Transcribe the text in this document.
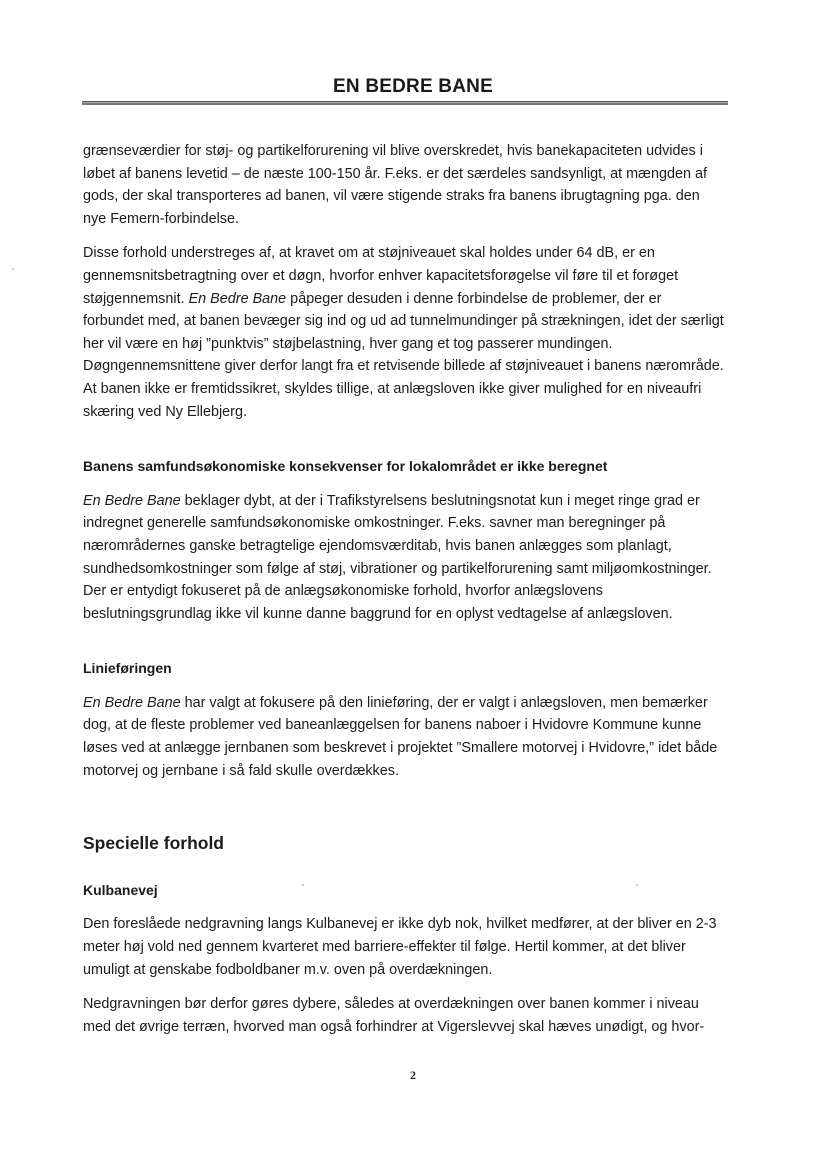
EN BEDRE BANE

grænseværdier for støj- og partikelforurening vil blive overskredet, hvis banekapaciteten udvides i løbet af banens levetid – de næste 100-150 år. F.eks. er det særdeles sandsynligt, at mængden af gods, der skal transporteres ad banen, vil være stigende straks fra banens ibrugtagning pga. den nye Femern-forbindelse.

Disse forhold understreges af, at kravet om at støjniveauet skal holdes under 64 dB, er en gennemsnitsbetragtning over et døgn, hvorfor enhver kapacitetsforøgelse vil føre til et forøget støjgennemsnit. En Bedre Bane påpeger desuden i denne forbindelse de problemer, der er forbundet med, at banen bevæger sig ind og ud ad tunnelmundinger på strækningen, idet der særligt her vil være en høj ”punktvis” støjbelastning, hver gang et tog passerer mundingen. Døgngennemsnittene giver derfor langt fra et retvisende billede af støjniveauet i banens nærområde.

At banen ikke er fremtidssikret, skyldes tillige, at anlægsloven ikke giver mulighed for en niveaufri skæring ved Ny Ellebjerg.

Banens samfundsøkonomiske konsekvenser for lokalområdet er ikke beregnet

En Bedre Bane beklager dybt, at der i Trafikstyrelsens beslutningsnotat kun i meget ringe grad er indregnet generelle samfundsøkonomiske omkostninger. F.eks. savner man beregninger på nærområdernes ganske betragtelige ejendomsværditab, hvis banen anlægges som planlagt, sundhedsomkostninger som følge af støj, vibrationer og partikelforurening samt miljøomkostninger. Der er entydigt fokuseret på de anlægsøkonomiske forhold, hvorfor anlægslovens beslutningsgrundlag ikke vil kunne danne baggrund for en oplyst vedtagelse af anlægsloven.

Linieføringen

En Bedre Bane har valgt at fokusere på den linieføring, der er valgt i anlægsloven, men bemærker dog, at de fleste problemer ved baneanlæggelsen for banens naboer i Hvidovre Kommune kunne løses ved at anlægge jernbanen som beskrevet i projektet ”Smallere motorvej i Hvidovre,” idet både motorvej og jernbane i så fald skulle overdækkes.

Specielle forhold
Kulbanevej

Den foreslåede nedgravning langs Kulbanevej er ikke dyb nok, hvilket medfører, at der bliver en 2-3 meter høj vold ned gennem kvarteret med barriere-effekter til følge. Hertil kommer, at det bliver umuligt at genskabe fodboldbaner m.v. oven på overdækningen.

Nedgravningen bør derfor gøres dybere, således at overdækningen over banen kommer i niveau med det øvrige terræn, hvorved man også forhindrer at Vigerslevvej skal hæves unødigt, og hvor-

2
